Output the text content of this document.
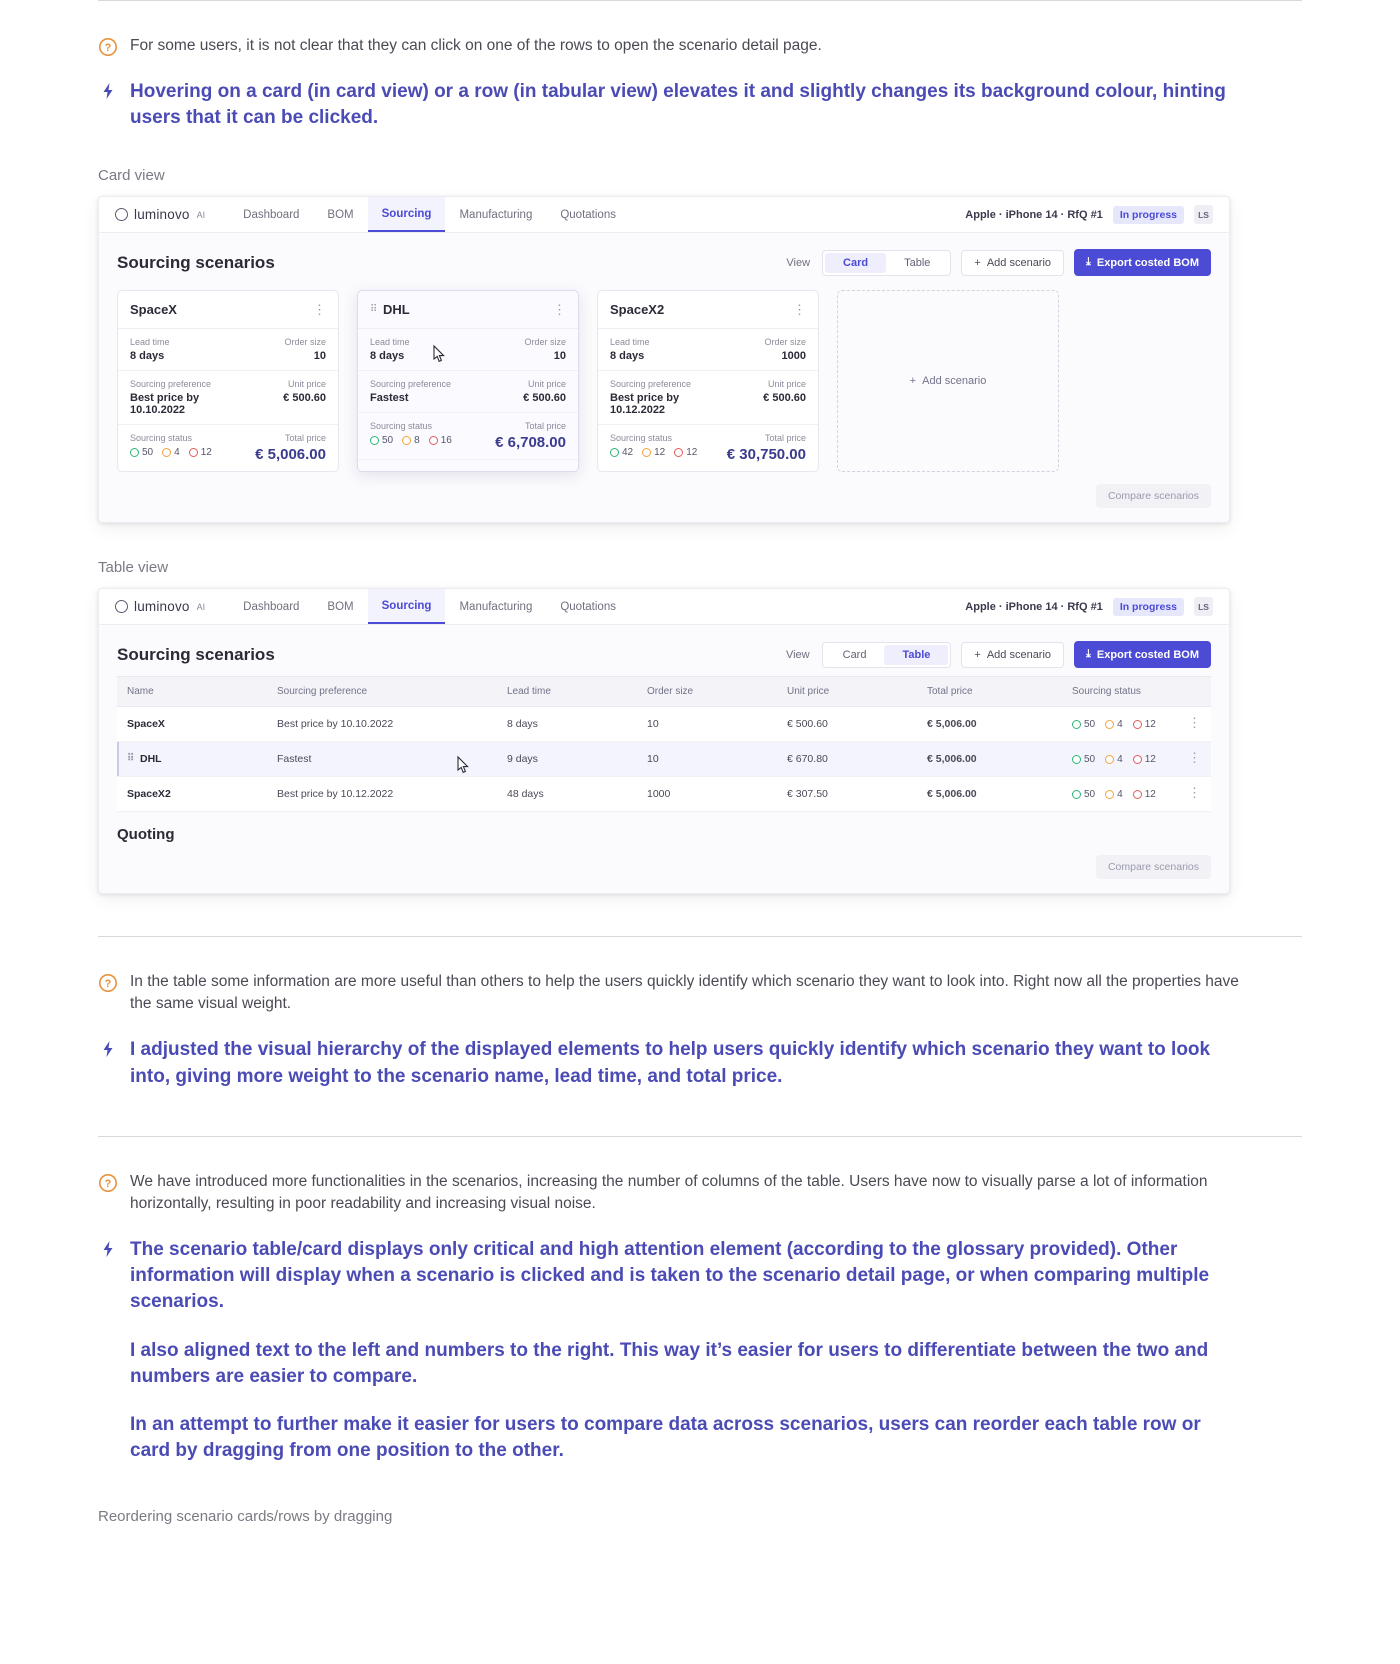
? For some users, it is not clear that they can click on one of the rows to open the scenario detail page.
Hovering on a card (in card view) or a row (in tabular view) elevates it and slightly changes its background colour, hinting users that it can be clicked.
Card view
luminovo AI	Dashboard	BOM	Sourcing	Manufacturing	Quotations	Apple · iPhone 14 · RfQ #1	In progress	LS
Sourcing scenarios	View	Card	Table	+ Add scenario	⤓ Export costed BOM
SpaceX	⋮
Lead time
8 days
Order size
10
Sourcing preference
Best price by 10.10.2022
Unit price
€ 500.60
Sourcing status
50 4 12
Total price
€ 5,006.00
⠿ DHL	⋮
Lead time
8 days
Order size
10
Sourcing preference
Fastest
Unit price
€ 500.60
Sourcing status
50 8 16
Total price
€ 6,708.00
SpaceX2	⋮
Lead time
8 days
Order size
1000
Sourcing preference
Best price by 10.12.2022
Unit price
€ 500.60
Sourcing status
42 12 12
Total price
€ 30,750.00
+ Add scenario
Compare scenarios
Table view
luminovo AI	Dashboard	BOM	Sourcing	Manufacturing	Quotations	Apple · iPhone 14 · RfQ #1	In progress	LS
Sourcing scenarios	View	Card	Table	+ Add scenario	⤓ Export costed BOM
Name	Sourcing preference	Lead time	Order size	Unit price	Total price	Sourcing status	

SpaceX	Best price by 10.10.2022	8 days	10	€ 500.60	€ 5,006.00	50 4 12	⋮

⠿ DHL	Fastest	9 days	10	€ 670.80	€ 5,006.00	50 4 12	⋮

SpaceX2	Best price by 10.12.2022	48 days	1000	€ 307.50	€ 5,006.00	50 4 12	⋮
Quoting
Compare scenarios
? In the table some information are more useful than others to help the users quickly identify which scenario they want to look into. Right now all the properties have the same visual weight.
I adjusted the visual hierarchy of the displayed elements to help users quickly identify which scenario they want to look into, giving more weight to the scenario name, lead time, and total price.
? We have introduced more functionalities in the scenarios, increasing the number of columns of the table. Users have now to visually parse a lot of information horizontally, resulting in poor readability and increasing visual noise.
The scenario table/card displays only critical and high attention element (according to the glossary provided). Other information will display when a scenario is clicked and is taken to the scenario detail page, or when comparing multiple scenarios.
I also aligned text to the left and numbers to the right. This way it’s easier for users to differentiate between the two and numbers are easier to compare.
In an attempt to further make it easier for users to compare data across scenarios, users can reorder each table row or card by dragging from one position to the other.
Reordering scenario cards/rows by dragging
